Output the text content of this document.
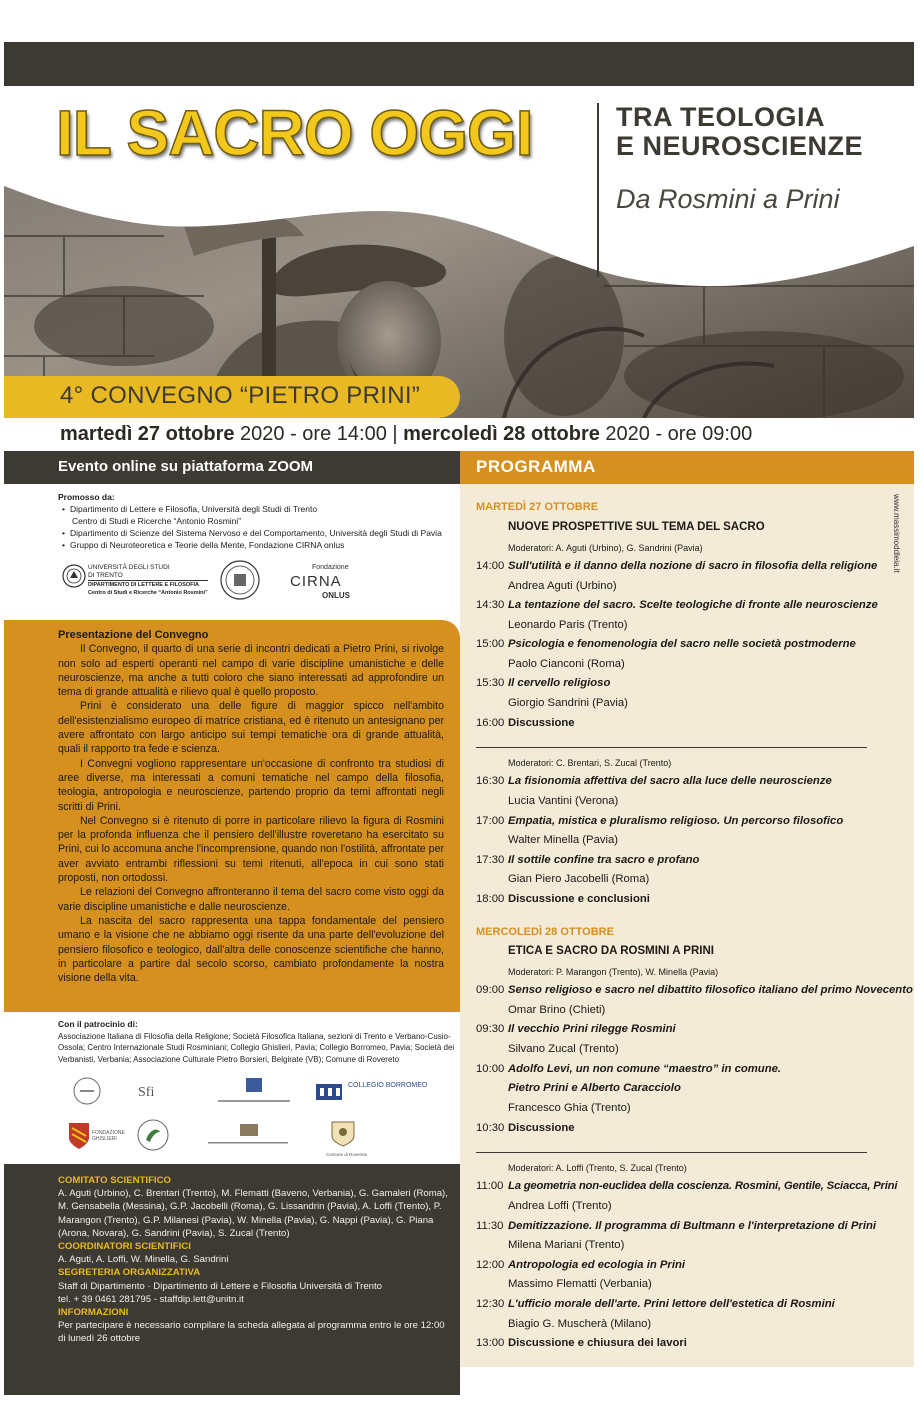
IL SACRO OGGI	TRA TEOLOGIA
E NEUROSCIENZE
Da Rosmini a Prini
4° CONVEGNO “PIETRO PRINI”
martedì 27 ottobre 2020 - ore 14:00 | mercoledì 28 ottobre 2020 - ore 09:00
Evento online su piattaforma ZOOM
Promosso da:
• Dipartimento di Lettere e Filosofia, Università degli Studi di Trento
Centro di Studi e Ricerche “Antonio Rosmini”
• Dipartimento di Scienze del Sistema Nervoso e del Comportamento, Università degli Studi di Pavia
• Gruppo di Neuroteoretica e Teorie della Mente, Fondazione CIRNA onlus
UNIVERSITÀ DEGLI STUDI
DI TRENTO
DIPARTIMENTO DI LETTERE E FILOSOFIA
Centro di Studi e Ricerche “Antonio Rosmini”
Fondazione
CIRNA
ONLUS
Presentazione del Convegno

Il Convegno, il quarto di una serie di incontri dedicati a Pietro Prini, si rivolge non solo ad esperti operanti nel campo di varie discipline umanistiche e delle neuroscienze, ma anche a tutti coloro che siano interessati ad approfondire un tema di grande attualità e rilievo qual è quello proposto.

Prini è considerato una delle figure di maggior spicco nell'ambito dell'esistenzialismo europeo di matrice cristiana, ed è ritenuto un antesignano per avere affrontato con largo anticipo sui tempi tematiche ora di grande attualità, quali il rapporto tra fede e scienza.

I Convegni vogliono rappresentare un'occasione di confronto tra studiosi di aree diverse, ma interessati a comuni tematiche nel campo della filosofia, teologia, antropologia e neuroscienze, partendo proprio da temi affrontati negli scritti di Prini.

Nel Convegno si è ritenuto di porre in particolare rilievo la figura di Rosmini per la profonda influenza che il pensiero dell'illustre roveretano ha esercitato su Prini, cui lo accomuna anche l'incomprensione, quando non l'ostilità, affrontate per aver avviato entrambi riflessioni su temi ritenuti, all'epoca in cui sono stati proposti, non ortodossi.

Le relazioni del Convegno affronteranno il tema del sacro come visto oggi da varie discipline umanistiche e dalle neuroscienze.

La nascita del sacro rappresenta una tappa fondamentale del pensiero umano e la visione che ne abbiamo oggi risente da una parte dell'evoluzione del pensiero filosofico e teologico, dall'altra delle conoscenze scientifiche che hanno, in particolare a partire dal secolo scorso, cambiato profondamente la nostra visione della vita.

Con il patrocinio di:
Associazione Italiana di Filosofia della Religione; Società Filosofica Italiana, sezioni di Trento e Verbano-Cusio-Ossola; Centro Internazionale Studi Rosminiani; Collegio Ghislieri, Pavia; Collegio Borromeo, Pavia; Società dei Verbanisti, Verbania; Associazione Culturale Pietro Borsieri, Belgirate (VB); Comune di Rovereto
Sfi	COLLEGIO BORROMEO
FONDAZIONE GHISLIERI
Comune di Rovereto
COMITATO SCIENTIFICO
A. Aguti (Urbino), C. Brentari (Trento), M. Flematti (Baveno, Verbania), G. Gamaleri (Roma), M. Gensabella (Messina), G.P. Jacobelli (Roma), G. Lissandrin (Pavia), A. Loffi (Trento), P. Marangon (Trento), G.P. Milanesi (Pavia), W. Minella (Pavia), G. Nappi (Pavia), G. Piana (Arona, Novara), G. Sandrini (Pavia), S. Zucal (Trento)
COORDINATORI SCIENTIFICI
A. Aguti, A. Loffi, W. Minella, G. Sandrini
SEGRETERIA ORGANIZZATIVA
Staff di Dipartimento · Dipartimento di Lettere e Filosofia Università di Trento
tel. + 39 0461 281795 - staffdip.lett@unitn.it
INFORMAZIONI
Per partecipare è necessario compilare la scheda allegata al programma entro le ore 12:00 di lunedì 26 ottobre
PROGRAMMA
www.massimoddleia.it
MARTEDÌ 27 OTTOBRE
NUOVE PROSPETTIVE SUL TEMA DEL SACRO
Moderatori: A. Aguti (Urbino), G. Sandrini (Pavia)
14:00 Sull'utilità e il danno della nozione di sacro in filosofia della religione
Andrea Aguti (Urbino)
14:30 La tentazione del sacro. Scelte teologiche di fronte alle neuroscienze
Leonardo Paris (Trento)
15:00 Psicologia e fenomenologia del sacro nelle società postmoderne
Paolo Cianconi (Roma)
15:30 Il cervello religioso
Giorgio Sandrini (Pavia)
16:00 Discussione
Moderatori: C. Brentari, S. Zucal (Trento)
16:30 La fisionomia affettiva del sacro alla luce delle neuroscienze
Lucia Vantini (Verona)
17:00 Empatia, mistica e pluralismo religioso. Un percorso filosofico
Walter Minella (Pavia)
17:30 Il sottile confine tra sacro e profano
Gian Piero Jacobelli (Roma)
18:00 Discussione e conclusioni
MERCOLEDÌ 28 OTTOBRE
ETICA E SACRO DA ROSMINI A PRINI
Moderatori: P. Marangon (Trento), W. Minella (Pavia)
09:00 Senso religioso e sacro nel dibattito filosofico italiano del primo Novecento
Omar Brino (Chieti)
09:30 Il vecchio Prini rilegge Rosmini
Silvano Zucal (Trento)
10:00 Adolfo Levi, un non comune “maestro” in comune.
Pietro Prini e Alberto Caracciolo
Francesco Ghia (Trento)
10:30 Discussione
Moderatori: A. Loffi (Trento, S. Zucal (Trento)
11:00 La geometria non-euclidea della coscienza. Rosmini, Gentile, Sciacca, Prini
Andrea Loffi (Trento)
11:30 Demitizzazione. Il programma di Bultmann e l'interpretazione di Prini
Milena Mariani (Trento)
12:00 Antropologia ed ecologia in Prini
Massimo Flematti (Verbania)
12:30 L'ufficio morale dell'arte. Prini lettore dell'estetica di Rosmini
Biagio G. Muscherà (Milano)
13:00 Discussione e chiusura dei lavori
